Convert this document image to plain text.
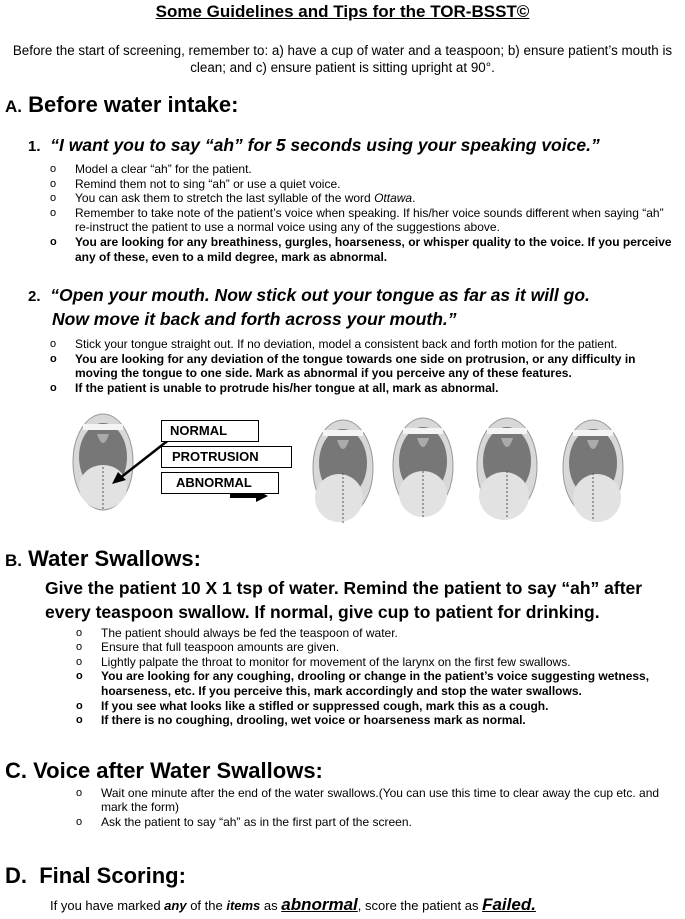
Some Guidelines and Tips for the TOR-BSST©
Before the start of screening, remember to: a) have a cup of water and a teaspoon; b) ensure patient’s mouth is clean; and c) ensure patient is sitting upright at 90°.
A. Before water intake:
1. “I want you to say “ah” for 5 seconds using your speaking voice.”
o Model a clear “ah” for the patient.
o Remind them not to sing “ah” or use a quiet voice.
o You can ask them to stretch the last syllable of the word Ottawa.
o Remember to take note of the patient’s voice when speaking. If his/her voice sounds different when saying “ah” re-instruct the patient to use a normal voice using any of the suggestions above.
o You are looking for any breathiness, gurgles, hoarseness, or whisper quality to the voice. If you perceive any of these, even to a mild degree, mark as abnormal.
2. “Open your mouth. Now stick out your tongue as far as it will go.
Now move it back and forth across your mouth.”
o Stick your tongue straight out. If no deviation, model a consistent back and forth motion for the patient.
o You are looking for any deviation of the tongue towards one side on protrusion, or any difficulty in moving the tongue to one side. Mark as abnormal if you perceive any of these features.
o If the patient is unable to protrude his/her tongue at all, mark as abnormal.
NORMAL
PROTRUSION
ABNORMAL
B. Water Swallows:
Give the patient 10 X 1 tsp of water. Remind the patient to say “ah” after every teaspoon swallow. If normal, give cup to patient for drinking.
o The patient should always be fed the teaspoon of water.
o Ensure that full teaspoon amounts are given.
o Lightly palpate the throat to monitor for movement of the larynx on the first few swallows.
o You are looking for any coughing, drooling or change in the patient’s voice suggesting wetness, hoarseness, etc. If you perceive this, mark accordingly and stop the water swallows.
o If you see what looks like a stifled or suppressed cough, mark this as a cough.
o If there is no coughing, drooling, wet voice or hoarseness mark as normal.
C. Voice after Water Swallows:
o Wait one minute after the end of the water swallows.(You can use this time to clear away the cup etc. and mark the form)
o Ask the patient to say “ah” as in the first part of the screen.
D. Final Scoring:
If you have marked any of the items as abnormal, score the patient as Failed.
